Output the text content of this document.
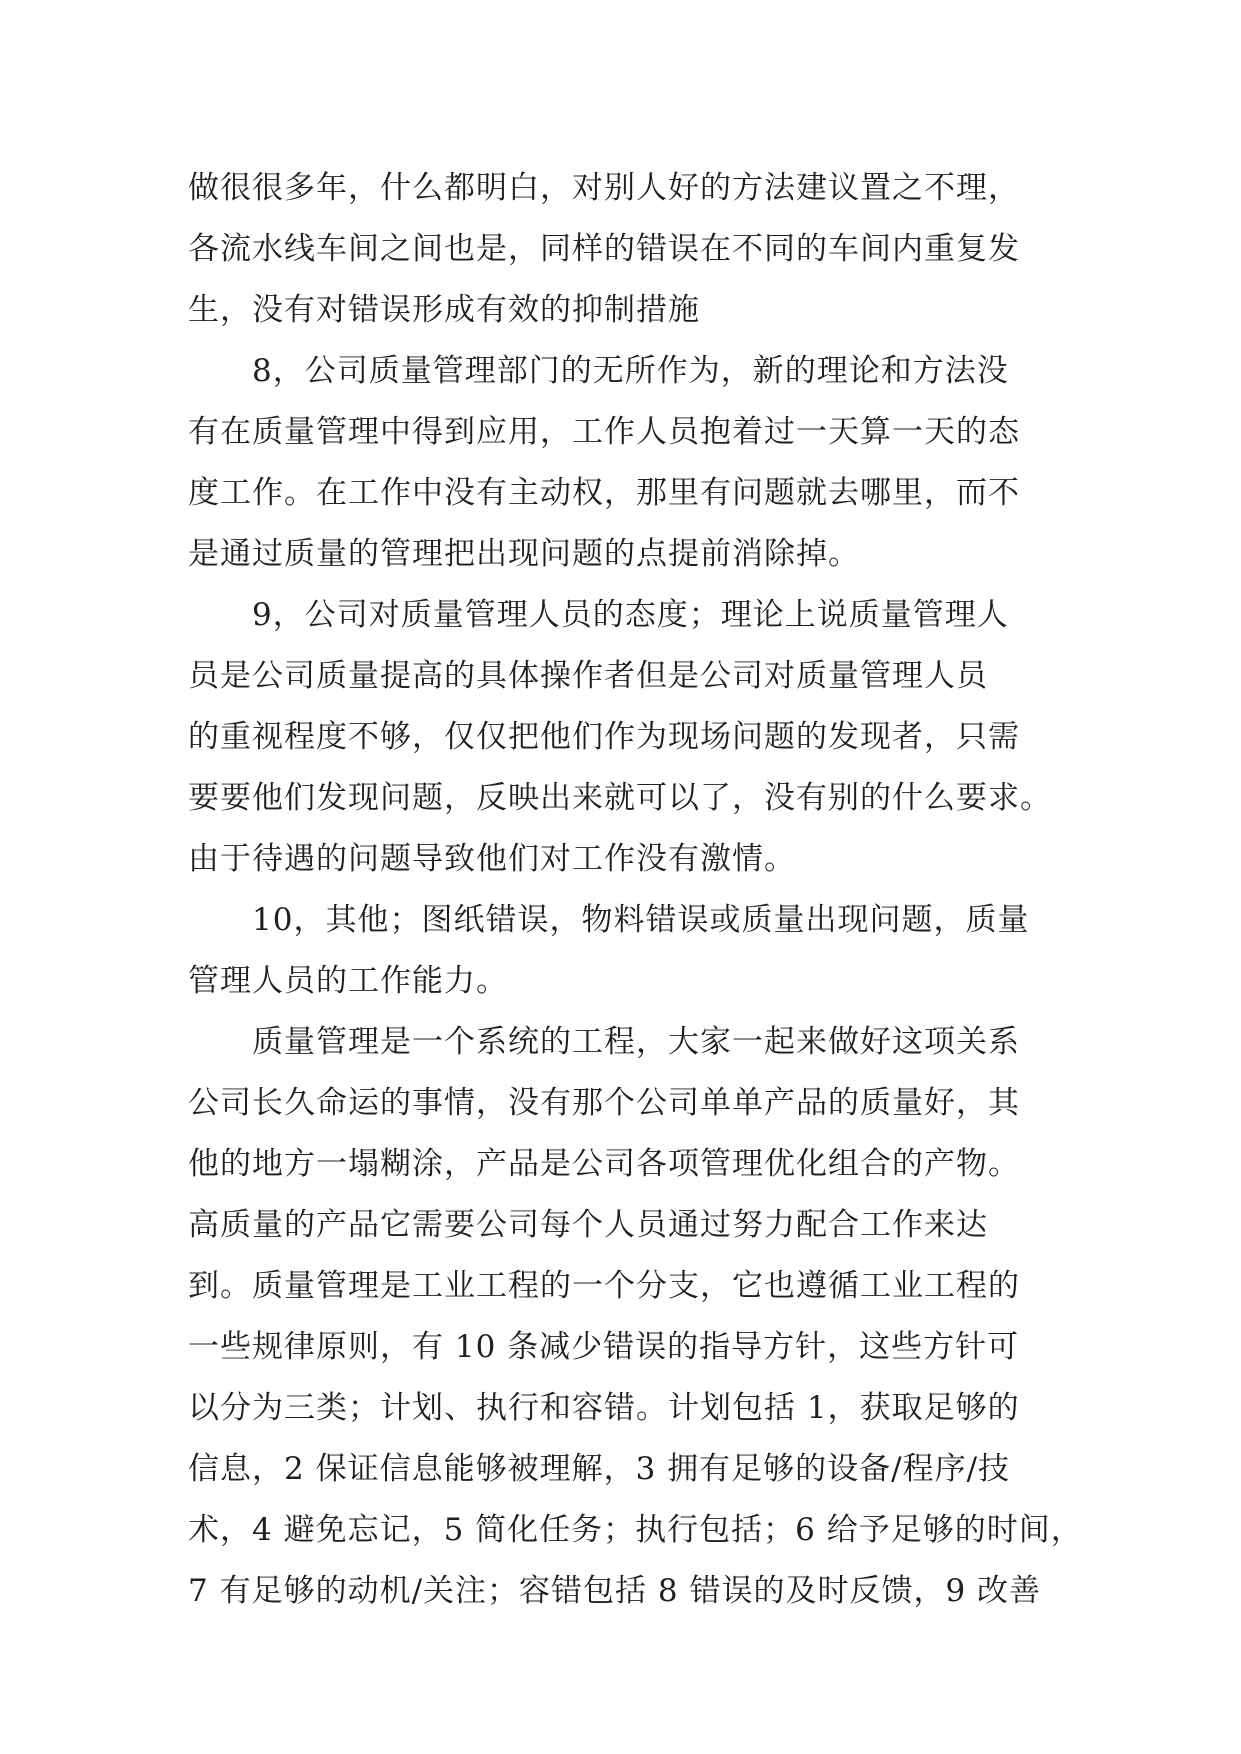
做很很多年，什么都明白，对别人好的方法建议置之不理，
各流水线车间之间也是，同样的错误在不同的车间内重复发
生，没有对错误形成有效的抑制措施
8，公司质量管理部门的无所作为，新的理论和方法没
有在质量管理中得到应用，工作人员抱着过一天算一天的态
度工作。在工作中没有主动权，那里有问题就去哪里，而不
是通过质量的管理把出现问题的点提前消除掉。
9，公司对质量管理人员的态度；理论上说质量管理人
员是公司质量提高的具体操作者但是公司对质量管理人员
的重视程度不够，仅仅把他们作为现场问题的发现者，只需
要要他们发现问题，反映出来就可以了，没有别的什么要求。
由于待遇的问题导致他们对工作没有激情。
10，其他；图纸错误，物料错误或质量出现问题，质量
管理人员的工作能力。
质量管理是一个系统的工程，大家一起来做好这项关系
公司长久命运的事情，没有那个公司单单产品的质量好，其
他的地方一塌糊涂，产品是公司各项管理优化组合的产物。
高质量的产品它需要公司每个人员通过努力配合工作来达
到。质量管理是工业工程的一个分支，它也遵循工业工程的
一些规律原则，有 10 条减少错误的指导方针，这些方针可
以分为三类；计划、执行和容错。计划包括 1，获取足够的
信息，2 保证信息能够被理解，3 拥有足够的设备/程序/技
术，4 避免忘记，5 简化任务；执行包括；6 给予足够的时间，
7 有足够的动机/关注；容错包括 8 错误的及时反馈，9 改善
